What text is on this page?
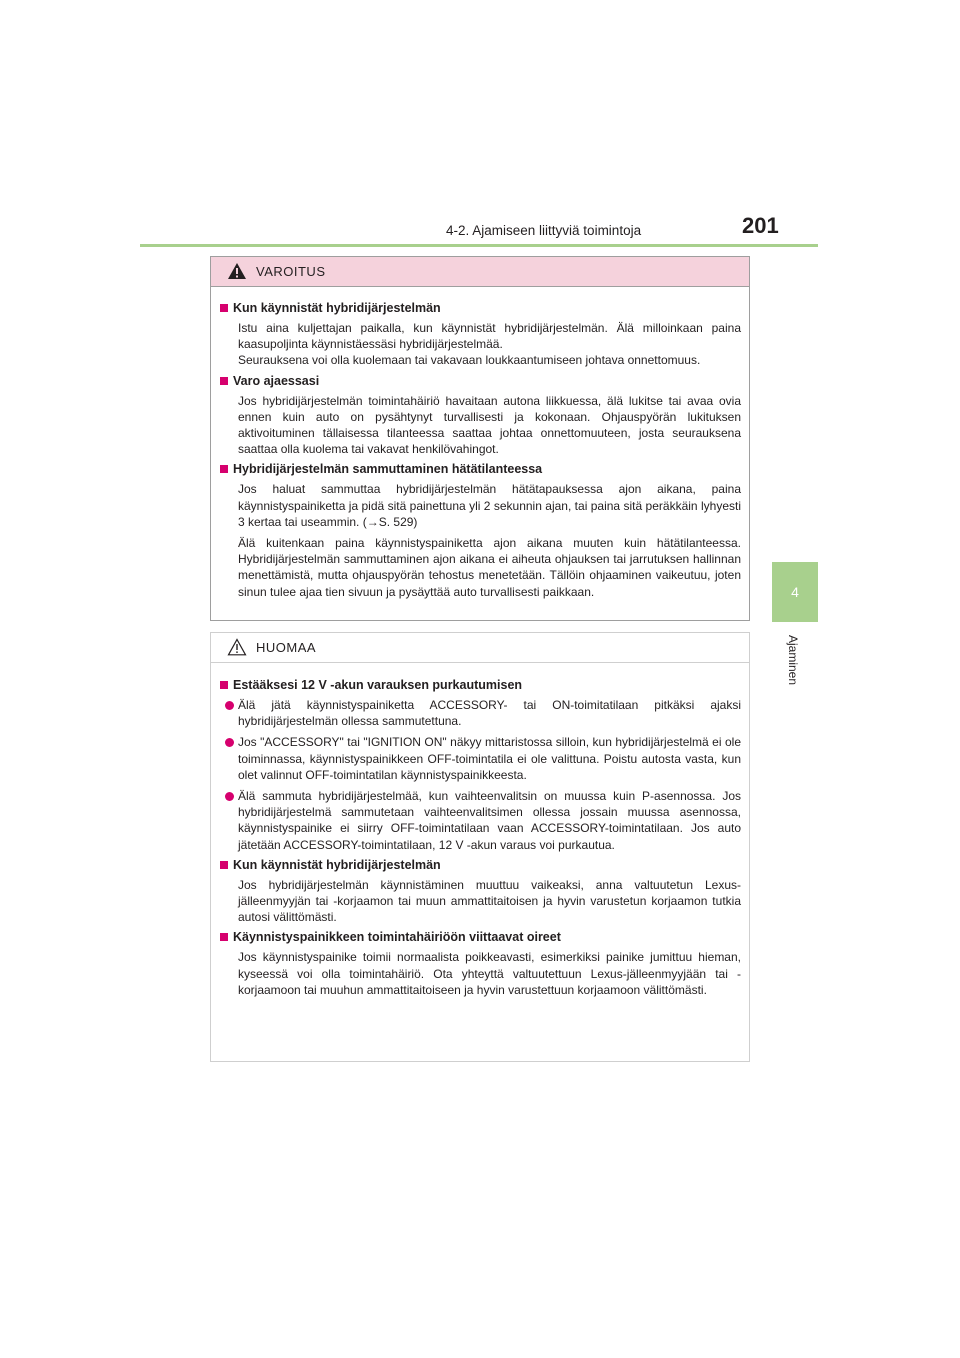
4-2. Ajamiseen liittyviä toimintoja	201
4
Ajaminen
VAROITUS
Kun käynnistät hybridijärjestelmän
Istu aina kuljettajan paikalla, kun käynnistät hybridijärjestelmän. Älä milloinkaan paina kaasupoljinta käynnistäessäsi hybridijärjestelmää.
Seurauksena voi olla kuolemaan tai vakavaan loukkaantumiseen johtava onnettomuus.
Varo ajaessasi
Jos hybridijärjestelmän toimintahäiriö havaitaan autona liikkuessa, älä lukitse tai avaa ovia ennen kuin auto on pysähtynyt turvallisesti ja kokonaan. Ohjauspyörän lukituksen aktivoituminen tällaisessa tilanteessa saattaa johtaa onnettomuuteen, josta seurauksena saattaa olla kuolema tai vakavat henkilövahingot.
Hybridijärjestelmän sammuttaminen hätätilanteessa
Jos haluat sammuttaa hybridijärjestelmän hätätapauksessa ajon aikana, paina käynnistyspainiketta ja pidä sitä painettuna yli 2 sekunnin ajan, tai paina sitä peräkkäin lyhyesti 3 kertaa tai useammin. (→S. 529)
Älä kuitenkaan paina käynnistyspainiketta ajon aikana muuten kuin hätätilanteessa. Hybridijärjestelmän sammuttaminen ajon aikana ei aiheuta ohjauksen tai jarrutuksen hallinnan menettämistä, mutta ohjauspyörän tehostus menetetään. Tällöin ohjaaminen vaikeutuu, joten sinun tulee ajaa tien sivuun ja pysäyttää auto turvallisesti paikkaan.
HUOMAA
Estääksesi 12 V -akun varauksen purkautumisen
Älä jätä käynnistyspainiketta ACCESSORY- tai ON-toimitatilaan pitkäksi ajaksi hybridijärjestelmän ollessa sammutettuna.
Jos "ACCESSORY" tai "IGNITION ON" näkyy mittaristossa silloin, kun hybridijärjestelmä ei ole toiminnassa, käynnistyspainikkeen OFF-toimintatila ei ole valittuna. Poistu autosta vasta, kun olet valinnut OFF-toimintatilan käynnistyspainikkeesta.
Älä sammuta hybridijärjestelmää, kun vaihteenvalitsin on muussa kuin P-asennossa. Jos hybridijärjestelmä sammutetaan vaihteenvalitsimen ollessa jossain muussa asennossa, käynnistyspainike ei siirry OFF-toimintatilaan vaan ACCESSORY-toimintatilaan. Jos auto jätetään ACCESSORY-toimintatilaan, 12 V -akun varaus voi purkautua.
Kun käynnistät hybridijärjestelmän
Jos hybridijärjestelmän käynnistäminen muuttuu vaikeaksi, anna valtuutetun Lexus-jälleenmyyjän tai -korjaamon tai muun ammattitaitoisen ja hyvin varustetun korjaamon tutkia autosi välittömästi.
Käynnistyspainikkeen toimintahäiriöön viittaavat oireet
Jos käynnistyspainike toimii normaalista poikkeavasti, esimerkiksi painike jumittuu hieman, kyseessä voi olla toimintahäiriö. Ota yhteyttä valtuutettuun Lexus-jälleenmyyjään tai -korjaamoon tai muuhun ammattitaitoiseen ja hyvin varustettuun korjaamoon välittömästi.
